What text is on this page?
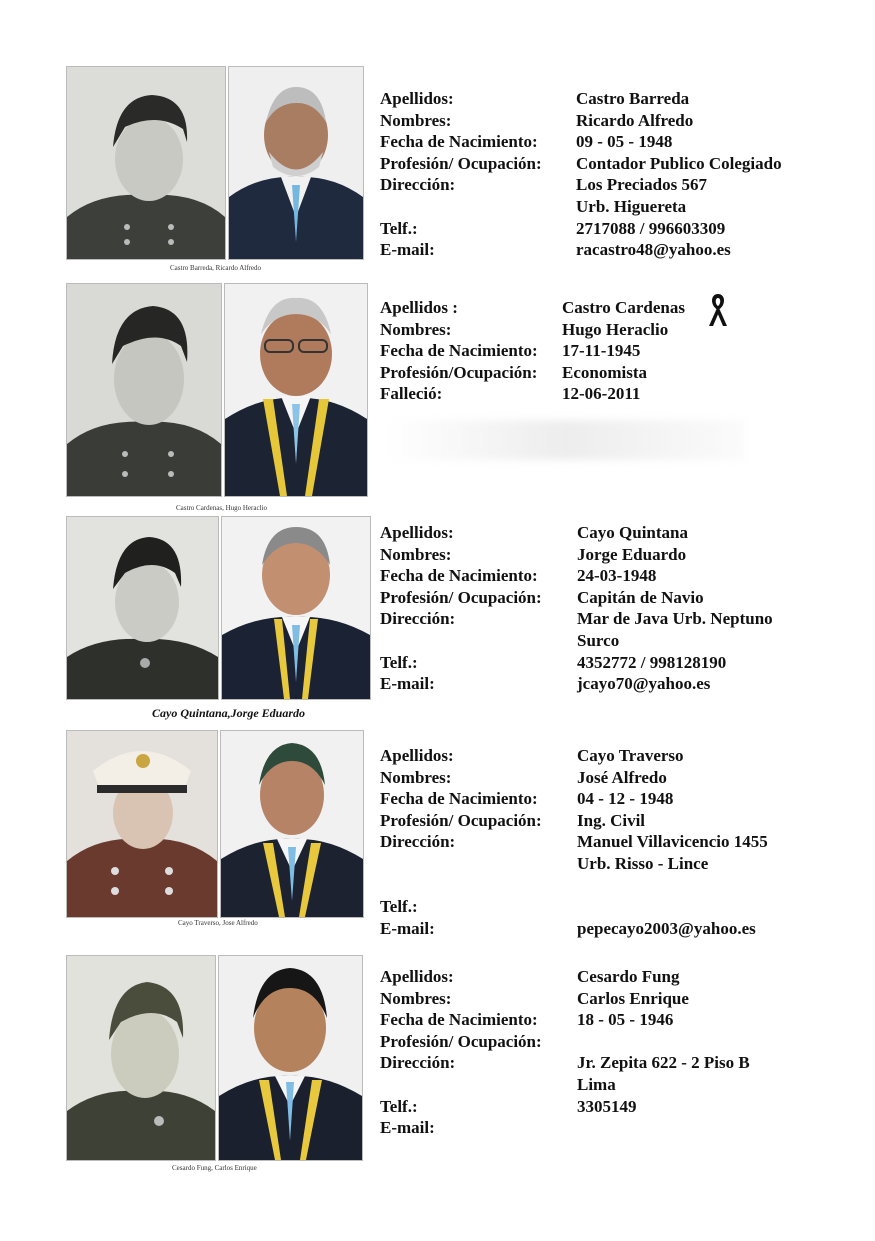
Castro Barreda, Ricardo Alfredo
Apellidos:	Castro Barreda
Nombres:	Ricardo Alfredo
Fecha de Nacimiento: 09 - 05 - 1948
Profesión/ Ocupación: Contador Publico Colegiado
Dirección:	Los Preciados 567
Urb. Higuereta
Telf.:	2717088 / 996603309
E-mail:	racastro48@yahoo.es
Castro Cardenas, Hugo Heraclio
Apellidos :	Castro Cardenas
Nombres:	Hugo Heraclio
Fecha de Nacimiento: 17-11-1945
Profesión/Ocupación: Economista
Falleció:	12-06-2011
Cayo Quintana,Jorge Eduardo
Apellidos:	Cayo Quintana
Nombres:	Jorge Eduardo
Fecha de Nacimiento: 24-03-1948
Profesión/ Ocupación: Capitán de Navio
Dirección:	Mar de Java Urb. Neptuno
Surco
Telf.:	4352772 / 998128190
E-mail:	jcayo70@yahoo.es
Cayo Traverso, Jose Alfredo
Apellidos:	Cayo Traverso
Nombres:	José Alfredo
Fecha de Nacimiento: 04 - 12 - 1948
Profesión/ Ocupación: Ing. Civil
Dirección:	Manuel Villavicencio 1455
Urb. Risso - Lince
Telf.:
E-mail:	pepecayo2003@yahoo.es
Cesardo Fung, Carlos Enrique
Apellidos:	Cesardo Fung
Nombres:	Carlos Enrique
Fecha de Nacimiento: 18 - 05 - 1946
Profesión/ Ocupación:
Dirección:	Jr. Zepita 622 - 2 Piso B
Lima
Telf.:	3305149
E-mail:
